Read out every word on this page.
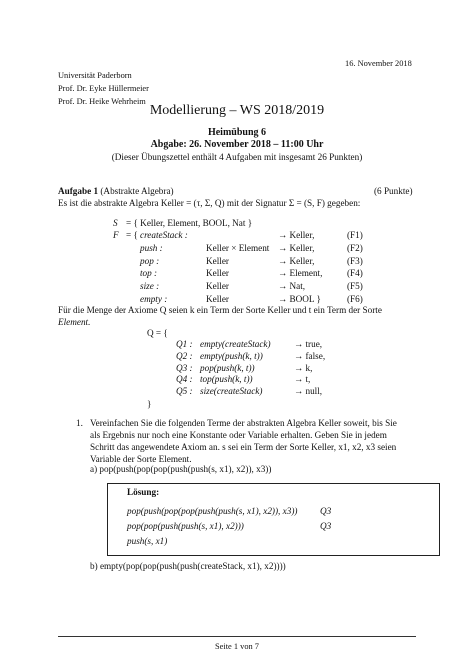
16. November 2018
Universität Paderborn
Prof. Dr. Eyke Hüllermeier
Prof. Dr. Heike Wehrheim
Modellierung – WS 2018/2019
Heimübung 6
Abgabe: 26. November 2018 – 11:00 Uhr
(Dieser Übungszettel enthält 4 Aufgaben mit insgesamt 26 Punkten)
Aufgabe 1 (Abstrakte Algebra)	(6 Punkte)
Es ist die abstrakte Algebra Keller = (τ, Σ, Q) mit der Signatur Σ = (S, F) gegeben:
S = { Keller, Element, BOOL, Nat }
F = { createStack :	→ Keller,	(F1)
push :	Keller × Element → Keller,	(F2)
pop :	Keller	→ Keller,	(F3)
top :	Keller	→ Element,	(F4)
size :	Keller	→ Nat,	(F5)
empty :	Keller	→ BOOL }	(F6)
Für die Menge der Axiome Q seien k ein Term der Sorte Keller und t ein Term der Sorte
Element.
Q = {
Q1 : empty(createStack)	→ true,
Q2 : empty(push(k, t))	→ false,
Q3 : pop(push(k, t))	→ k,
Q4 : top(push(k, t))	→ t,
Q5 : size(createStack)	→ null,
}
1. Vereinfachen Sie die folgenden Terme der abstrakten Algebra Keller soweit, bis Sie
als Ergebnis nur noch eine Konstante oder Variable erhalten. Geben Sie in jedem
Schritt das angewendete Axiom an. s sei ein Term der Sorte Keller, x1, x2, x3 seien
Variable der Sorte Element.
a) pop(push(pop(pop(push(push(s, x1), x2)), x3))
Lösung:
pop(push(pop(pop(push(push(s, x1), x2)), x3)) Q3
pop(pop(push(push(s, x1), x2)))	Q3
push(s, x1)
b) empty(pop(pop(push(push(createStack, x1), x2))))
Seite 1 von 7
